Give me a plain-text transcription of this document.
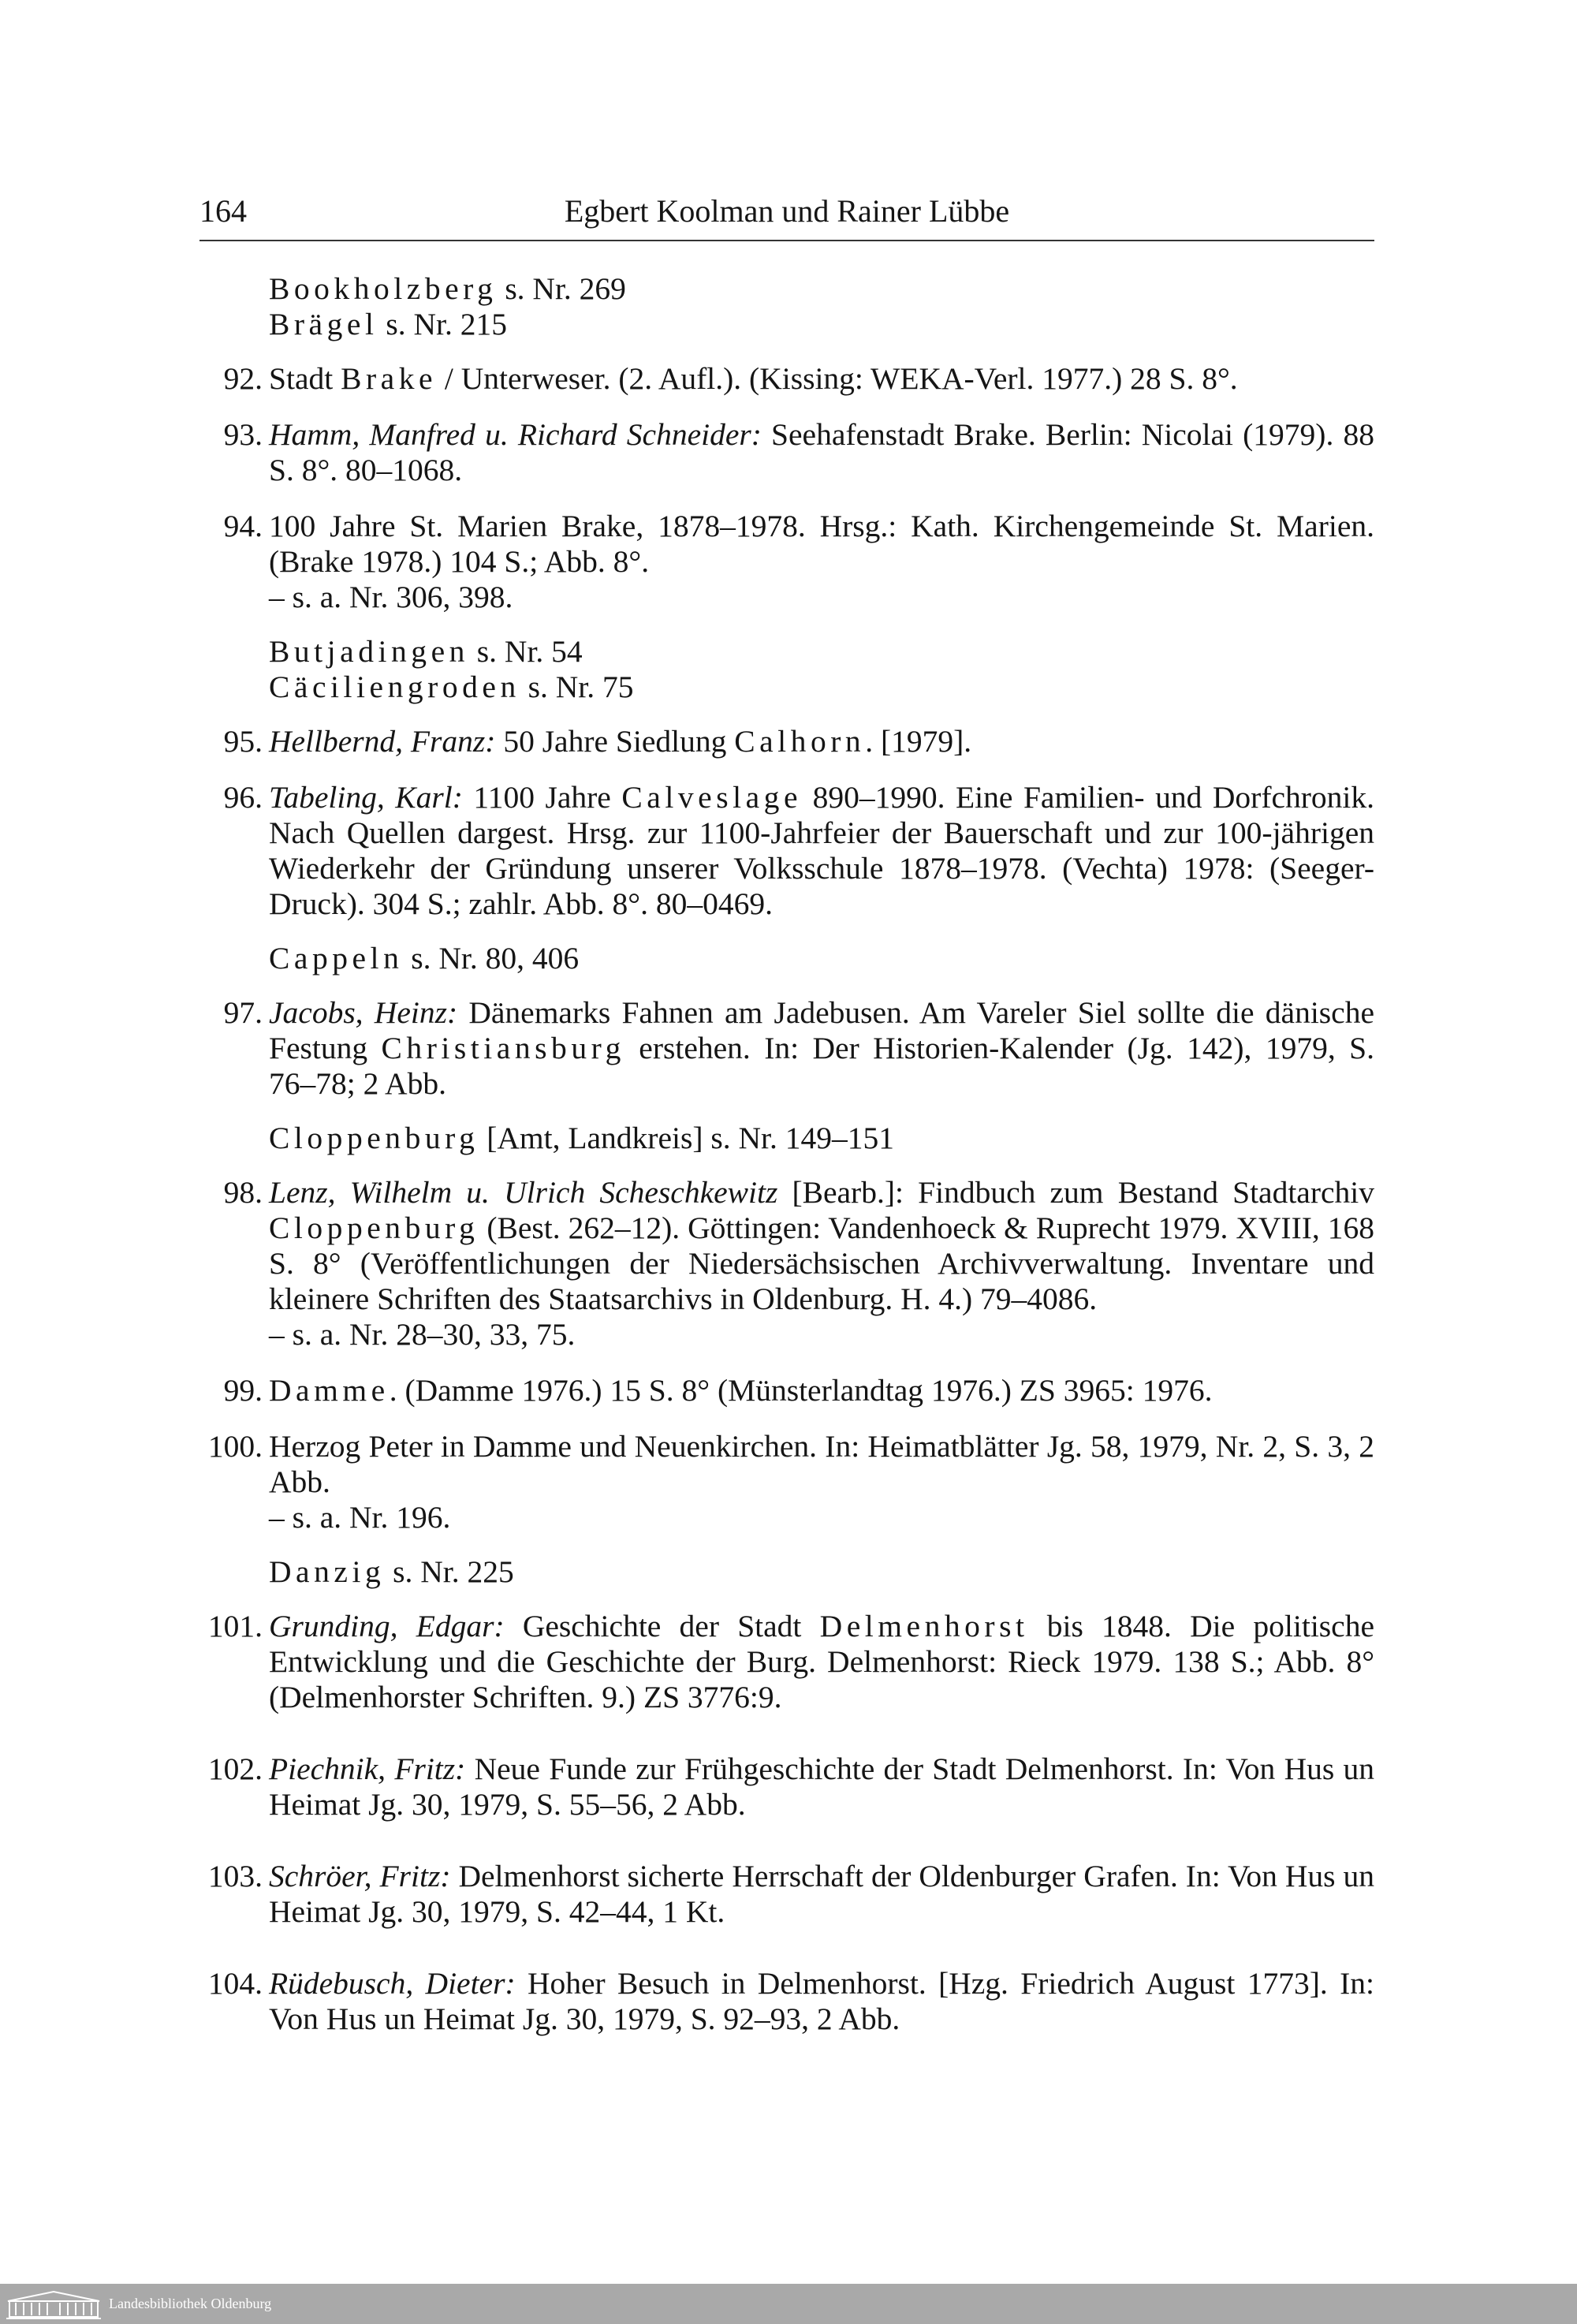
164	Egbert Koolman und Rainer Lübbe
Bookholzberg s. Nr. 269
Brägel s. Nr. 215
92. Stadt Brake / Unterweser. (2. Aufl.). (Kissing: WEKA-Verl. 1977.) 28 S. 8°.
93. Hamm, Manfred u. Richard Schneider: Seehafenstadt Brake. Berlin: Nicolai (1979). 88 S. 8°. 80–1068.
94. 100 Jahre St. Marien Brake, 1878–1978. Hrsg.: Kath. Kirchengemeinde St. Marien. (Brake 1978.) 104 S.; Abb. 8°.
– s. a. Nr. 306, 398.
Butjadingen s. Nr. 54
Cäciliengroden s. Nr. 75
95. Hellbernd, Franz: 50 Jahre Siedlung Calhorn. [1979].
96. Tabeling, Karl: 1100 Jahre Calveslage 890–1990. Eine Familien- und Dorfchronik. Nach Quellen dargest. Hrsg. zur 1100-Jahrfeier der Bauerschaft und zur 100-jährigen Wiederkehr der Gründung unserer Volksschule 1878–1978. (Vechta) 1978: (Seeger-Druck). 304 S.; zahlr. Abb. 8°. 80–0469.
Cappeln s. Nr. 80, 406
97. Jacobs, Heinz: Dänemarks Fahnen am Jadebusen. Am Vareler Siel sollte die dänische Festung Christiansburg erstehen. In: Der Historien-Kalender (Jg. 142), 1979, S. 76–78; 2 Abb.
Cloppenburg [Amt, Landkreis] s. Nr. 149–151
98. Lenz, Wilhelm u. Ulrich Scheschkewitz [Bearb.]: Findbuch zum Bestand Stadtarchiv Cloppenburg (Best. 262–12). Göttingen: Vandenhoeck & Ruprecht 1979. XVIII, 168 S. 8° (Veröffentlichungen der Niedersächsischen Archivverwaltung. Inventare und kleinere Schriften des Staatsarchivs in Oldenburg. H. 4.) 79–4086.
– s. a. Nr. 28–30, 33, 75.
99. Damme. (Damme 1976.) 15 S. 8° (Münsterlandtag 1976.) ZS 3965: 1976.
100. Herzog Peter in Damme und Neuenkirchen. In: Heimatblätter Jg. 58, 1979, Nr. 2, S. 3, 2 Abb.
– s. a. Nr. 196.
Danzig s. Nr. 225
101. Grunding, Edgar: Geschichte der Stadt Delmenhorst bis 1848. Die politische Entwicklung und die Geschichte der Burg. Delmenhorst: Rieck 1979. 138 S.; Abb. 8° (Delmenhorster Schriften. 9.) ZS 3776:9.
102. Piechnik, Fritz: Neue Funde zur Frühgeschichte der Stadt Delmenhorst. In: Von Hus un Heimat Jg. 30, 1979, S. 55–56, 2 Abb.
103. Schröer, Fritz: Delmenhorst sicherte Herrschaft der Oldenburger Grafen. In: Von Hus un Heimat Jg. 30, 1979, S. 42–44, 1 Kt.
104. Rüdebusch, Dieter: Hoher Besuch in Delmenhorst. [Hzg. Friedrich August 1773]. In: Von Hus un Heimat Jg. 30, 1979, S. 92–93, 2 Abb.
Landesbibliothek Oldenburg
